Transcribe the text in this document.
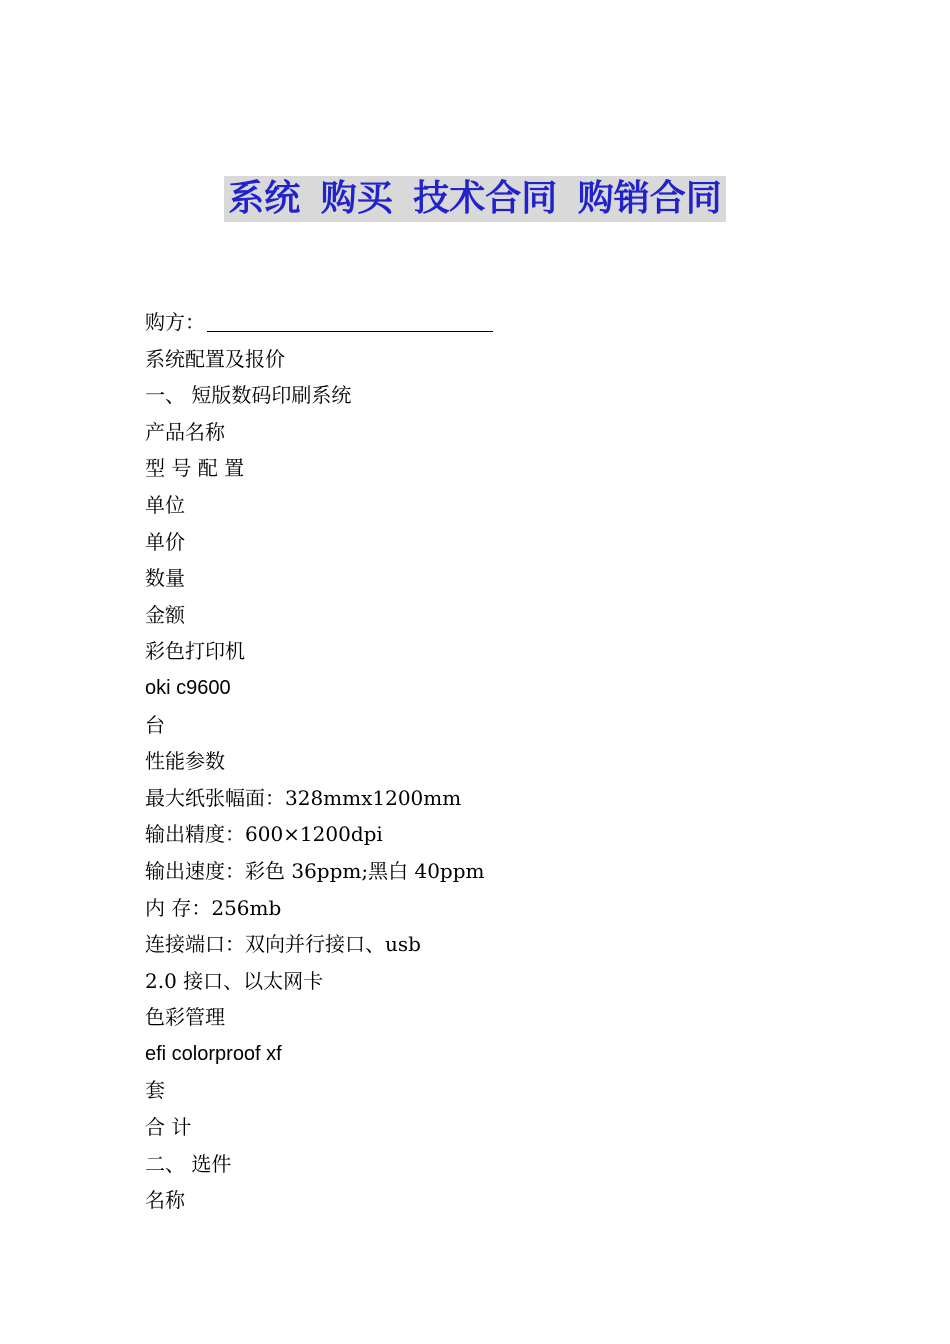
系统 购买 技术合同 购销合同
购方：
系统配置及报价
一、 短版数码印刷系统
产品名称
型 号 配 置
单位
单价
数量
金额
彩色打印机
oki c9600
台
性能参数
最大纸张幅面：328mmx1200mm
输出精度：600×1200dpi
输出速度：彩色 36ppm;黑白 40ppm
内 存：256mb
连接端口：双向并行接口、usb
2.0 接口、以太网卡
色彩管理
efi colorproof xf
套
合 计
二、 选件
名称
